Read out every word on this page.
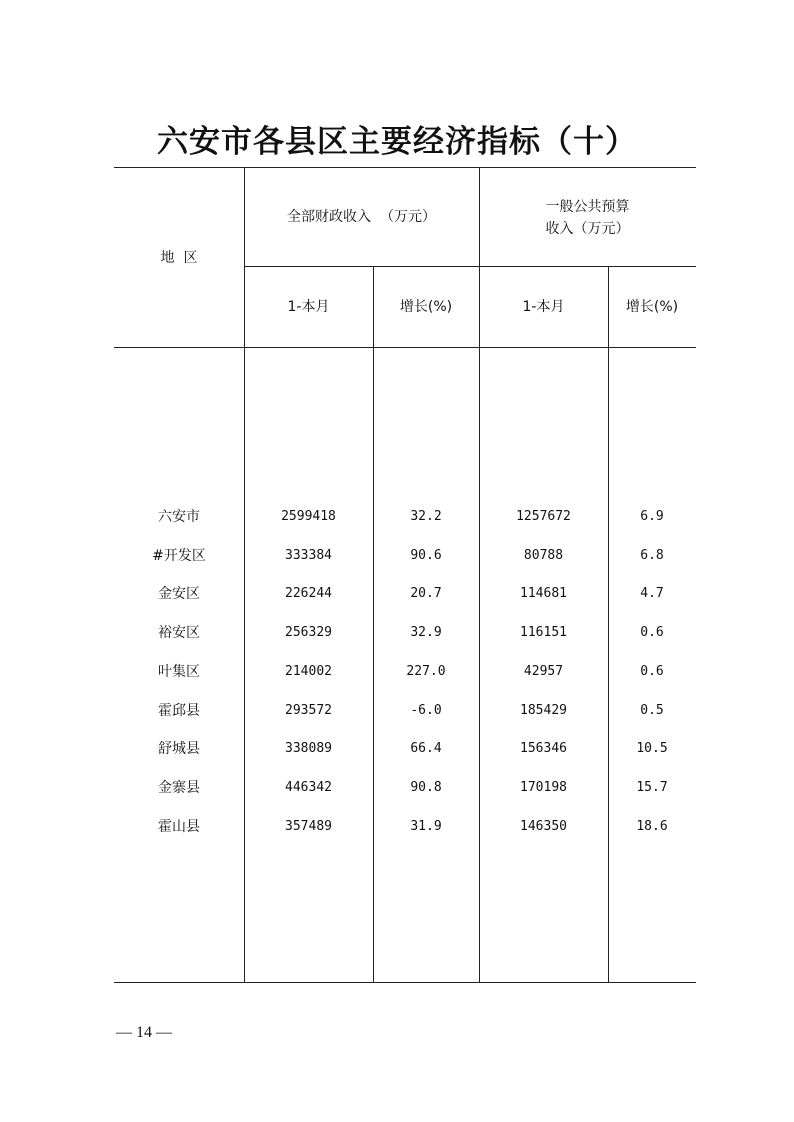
六安市各县区主要经济指标（十）
地  区
全部财政收入  （万元）
一般公共预算
收入（万元）
1-本月	增长(%)	1-本月	增长(%)
六安市	2599418	32.2	1257672	6.9
#开发区	333384	90.6	80788	6.8
金安区	226244	20.7	114681	4.7
裕安区	256329	32.9	116151	0.6
叶集区	214002	227.0	42957	0.6
霍邱县	293572	-6.0	185429	0.5
舒城县	338089	66.4	156346	10.5
金寨县	446342	90.8	170198	15.7
霍山县	357489	31.9	146350	18.6
— 14 —
